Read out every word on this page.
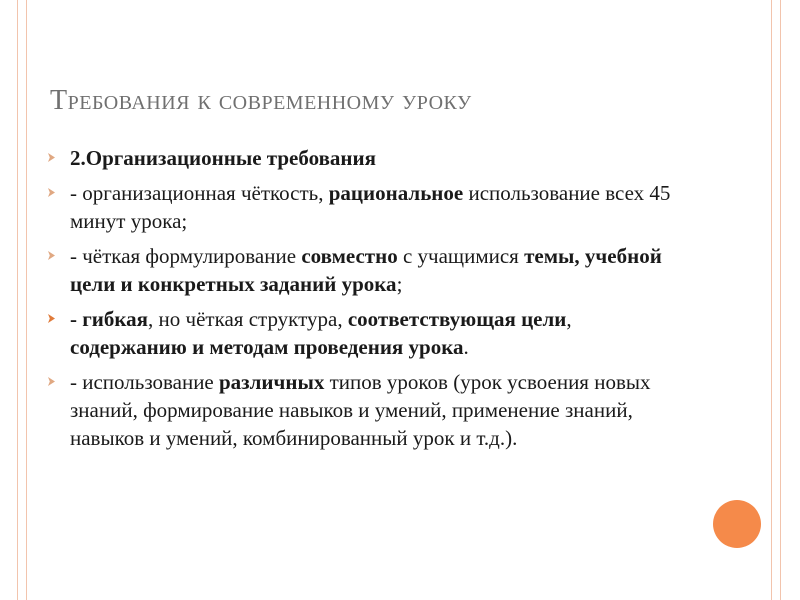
Требования к современному уроку
2.Организационные требования
- организационная чёткость, рациональное использование всех 45 минут урока;
- чёткая формулирование совместно с учащимися темы, учебной цели и конкретных заданий урока;
- гибкая, но чёткая структура, соответствующая цели, содержанию и методам проведения урока.
- использование различных типов уроков (урок усвоения новых знаний, формирование навыков и умений, применение знаний, навыков и умений, комбинированный урок и т.д.).
